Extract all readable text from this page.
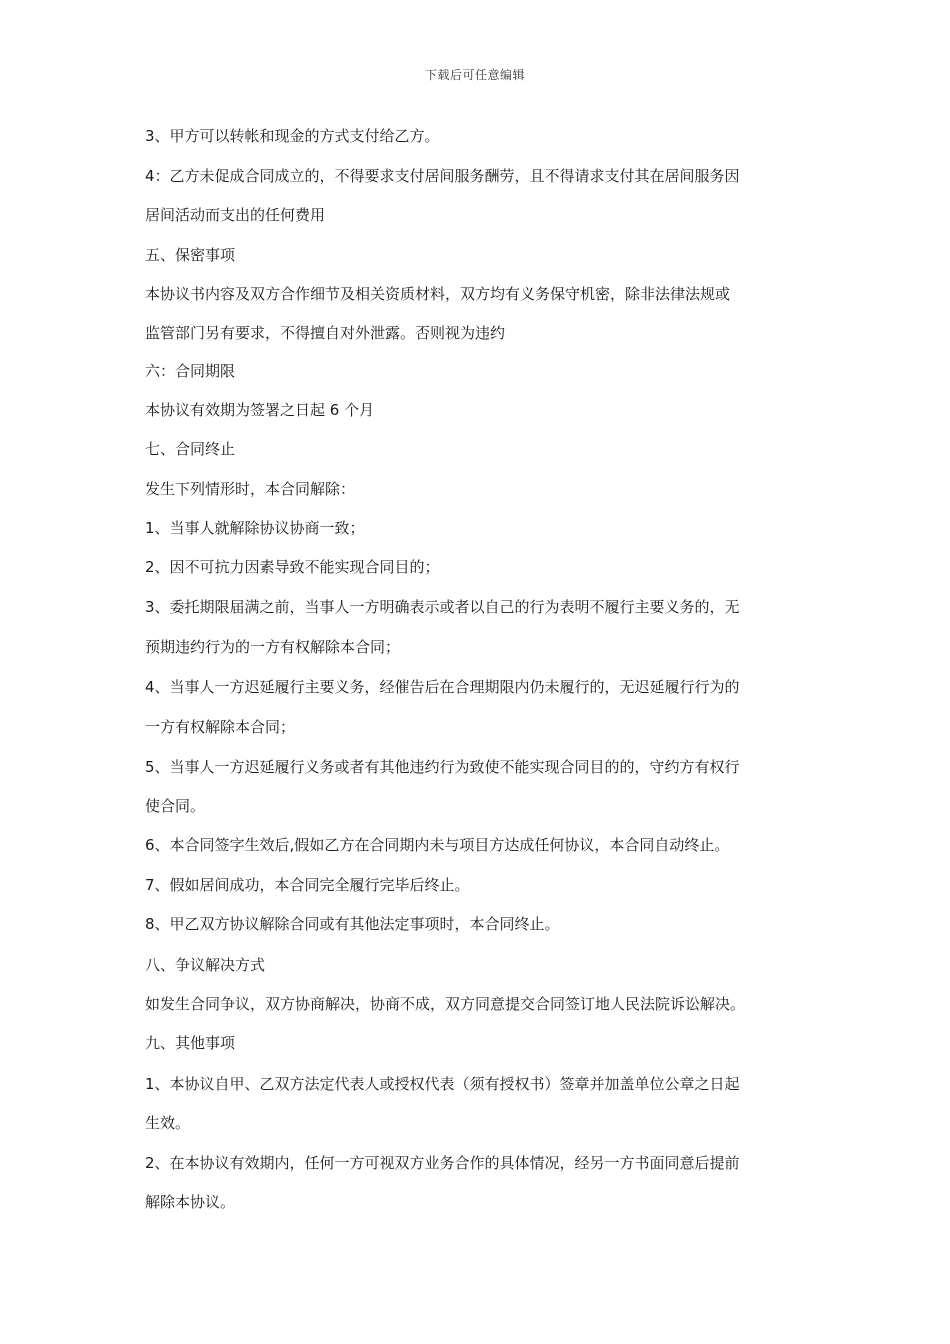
下载后可任意编辑
3、甲方可以转帐和现金的方式支付给乙方。
4：乙方未促成合同成立的，不得要求支付居间服务酬劳，且不得请求支付其在居间服务因
居间活动而支出的任何费用
五、保密事项
本协议书内容及双方合作细节及相关资质材料，双方均有义务保守机密，除非法律法规或
监管部门另有要求，不得擅自对外泄露。否则视为违约
六：合同期限
本协议有效期为签署之日起 6 个月
七、合同终止
发生下列情形时，本合同解除：
1、当事人就解除协议协商一致；
2、因不可抗力因素导致不能实现合同目的；
3、委托期限届满之前，当事人一方明确表示或者以自己的行为表明不履行主要义务的，无
预期违约行为的一方有权解除本合同；
4、当事人一方迟延履行主要义务，经催告后在合理期限内仍未履行的，无迟延履行行为的
一方有权解除本合同；
5、当事人一方迟延履行义务或者有其他违约行为致使不能实现合同目的的，守约方有权行
使合同。
6、本合同签字生效后,假如乙方在合同期内未与项目方达成任何协议，本合同自动终止。
7、假如居间成功，本合同完全履行完毕后终止。
8、甲乙双方协议解除合同或有其他法定事项时，本合同终止。
八、争议解决方式
如发生合同争议，双方协商解决，协商不成，双方同意提交合同签订地人民法院诉讼解决。
九、其他事项
1、本协议自甲、乙双方法定代表人或授权代表（须有授权书）签章并加盖单位公章之日起
生效。
2、在本协议有效期内，任何一方可视双方业务合作的具体情况，经另一方书面同意后提前
解除本协议。
